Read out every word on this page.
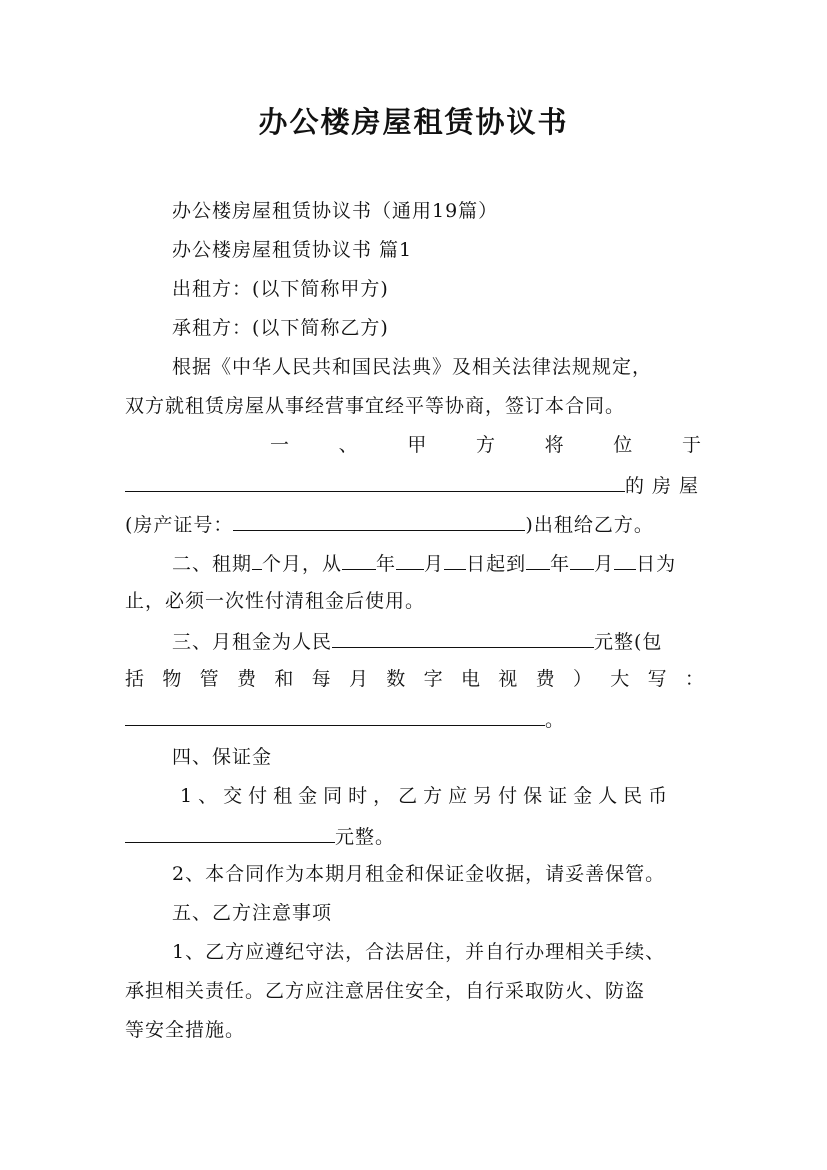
办公楼房屋租赁协议书
办公楼房屋租赁协议书（通用19篇）
办公楼房屋租赁协议书 篇1
出租方：(以下简称甲方)
承租方：(以下简称乙方)
根据《中华人民共和国民法典》及相关法律法规规定，
双方就租赁房屋从事经营事宜经平等协商，签订本合同。
一	、	甲	方	将	位	于
的房屋
(房产证号：	)出租给乙方。
二、租期 个月，从 年 月 日起到 年 月 日为
止，必须一次性付清租金后使用。
三、月租金为人民	元整(包
括 物 管 费 和 每 月 数 字 电 视 费 ） 大 写 ：
。
四、保证金
1、交付租金同时，乙方应另付保证金人民币
元整。
2、本合同作为本期月租金和保证金收据，请妥善保管。
五、乙方注意事项
1、乙方应遵纪守法，合法居住，并自行办理相关手续、
承担相关责任。乙方应注意居住安全，自行采取防火、防盗
等安全措施。
